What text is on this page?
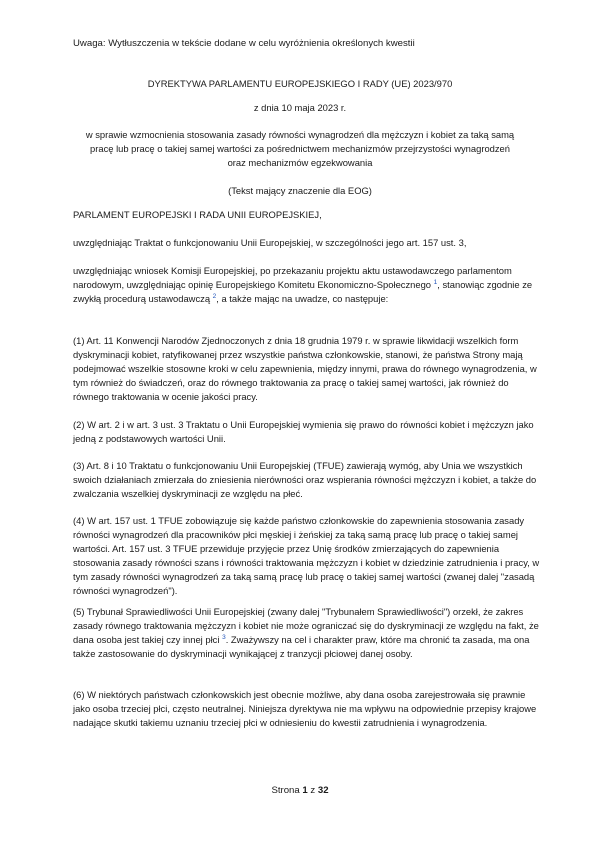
Uwaga: Wytłuszczenia w tekście dodane w celu wyróżnienia określonych kwestii
DYREKTYWA PARLAMENTU EUROPEJSKIEGO I RADY (UE) 2023/970
z dnia 10 maja 2023 r.
w sprawie wzmocnienia stosowania zasady równości wynagrodzeń dla mężczyzn i kobiet za taką samą pracę lub pracę o takiej samej wartości za pośrednictwem mechanizmów przejrzystości wynagrodzeń oraz mechanizmów egzekwowania
(Tekst mający znaczenie dla EOG)
PARLAMENT EUROPEJSKI I RADA UNII EUROPEJSKIEJ,
uwzględniając Traktat o funkcjonowaniu Unii Europejskiej, w szczególności jego art. 157 ust. 3,
uwzględniając wniosek Komisji Europejskiej, po przekazaniu projektu aktu ustawodawczego parlamentom narodowym, uwzględniając opinię Europejskiego Komitetu Ekonomiczno-Społecznego $^1$, stanowiąc zgodnie ze zwykłą procedurą ustawodawczą $^2$, a także mając na uwadze, co następuje:
(1) Art. 11 Konwencji Narodów Zjednoczonych z dnia 18 grudnia 1979 r. w sprawie likwidacji wszelkich form dyskryminacji kobiet, ratyfikowanej przez wszystkie państwa członkowskie, stanowi, że państwa Strony mają podejmować wszelkie stosowne kroki w celu zapewnienia, między innymi, prawa do równego wynagrodzenia, w tym również do świadczeń, oraz do równego traktowania za pracę o takiej samej wartości, jak również do równego traktowania w ocenie jakości pracy.
(2) W art. 2 i w art. 3 ust. 3 Traktatu o Unii Europejskiej wymienia się prawo do równości kobiet i mężczyzn jako jedną z podstawowych wartości Unii.
(3) Art. 8 i 10 Traktatu o funkcjonowaniu Unii Europejskiej (TFUE) zawierają wymóg, aby Unia we wszystkich swoich działaniach zmierzała do zniesienia nierówności oraz wspierania równości mężczyzn i kobiet, a także do zwalczania wszelkiej dyskryminacji ze względu na płeć.
(4) W art. 157 ust. 1 TFUE zobowiązuje się każde państwo członkowskie do zapewnienia stosowania zasady równości wynagrodzeń dla pracowników płci męskiej i żeńskiej za taką samą pracę lub pracę o takiej samej wartości. Art. 157 ust. 3 TFUE przewiduje przyjęcie przez Unię środków zmierzających do zapewnienia stosowania zasady równości szans i równości traktowania mężczyzn i kobiet w dziedzinie zatrudnienia i pracy, w tym zasady równości wynagrodzeń za taką samą pracę lub pracę o takiej samej wartości (zwanej dalej "zasadą równości wynagrodzeń").
(5) Trybunał Sprawiedliwości Unii Europejskiej (zwany dalej "Trybunałem Sprawiedliwości") orzekł, że zakres zasady równego traktowania mężczyzn i kobiet nie może ograniczać się do dyskryminacji ze względu na fakt, że dana osoba jest takiej czy innej płci $^3$. Zważywszy na cel i charakter praw, które ma chronić ta zasada, ma ona także zastosowanie do dyskryminacji wynikającej z tranzycji płciowej danej osoby.
(6) W niektórych państwach członkowskich jest obecnie możliwe, aby dana osoba zarejestrowała się prawnie jako osoba trzeciej płci, często neutralnej. Niniejsza dyrektywa nie ma wpływu na odpowiednie przepisy krajowe nadające skutki takiemu uznaniu trzeciej płci w odniesieniu do kwestii zatrudnienia i wynagrodzenia.
Strona 1 z 32
